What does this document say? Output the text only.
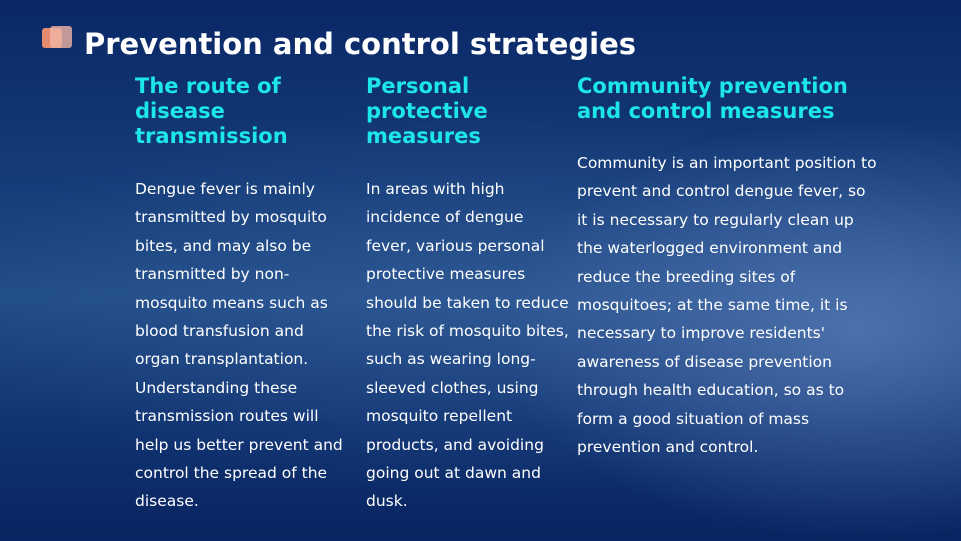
Prevention and control strategies
The route of disease transmission

Dengue fever is mainly transmitted by mosquito bites, and may also be transmitted by non-mosquito means such as blood transfusion and organ transplantation. Understanding these transmission routes will help us better prevent and control the spread of the disease.

Personal protective measures

In areas with high incidence of dengue fever, various personal protective measures should be taken to reduce the risk of mosquito bites, such as wearing long-sleeved clothes, using mosquito repellent products, and avoiding going out at dawn and dusk.

Community prevention and control measures

Community is an important position to prevent and control dengue fever, so it is necessary to regularly clean up the waterlogged environment and reduce the breeding sites of mosquitoes; at the same time, it is necessary to improve residents' awareness of disease prevention through health education, so as to form a good situation of mass prevention and control.
